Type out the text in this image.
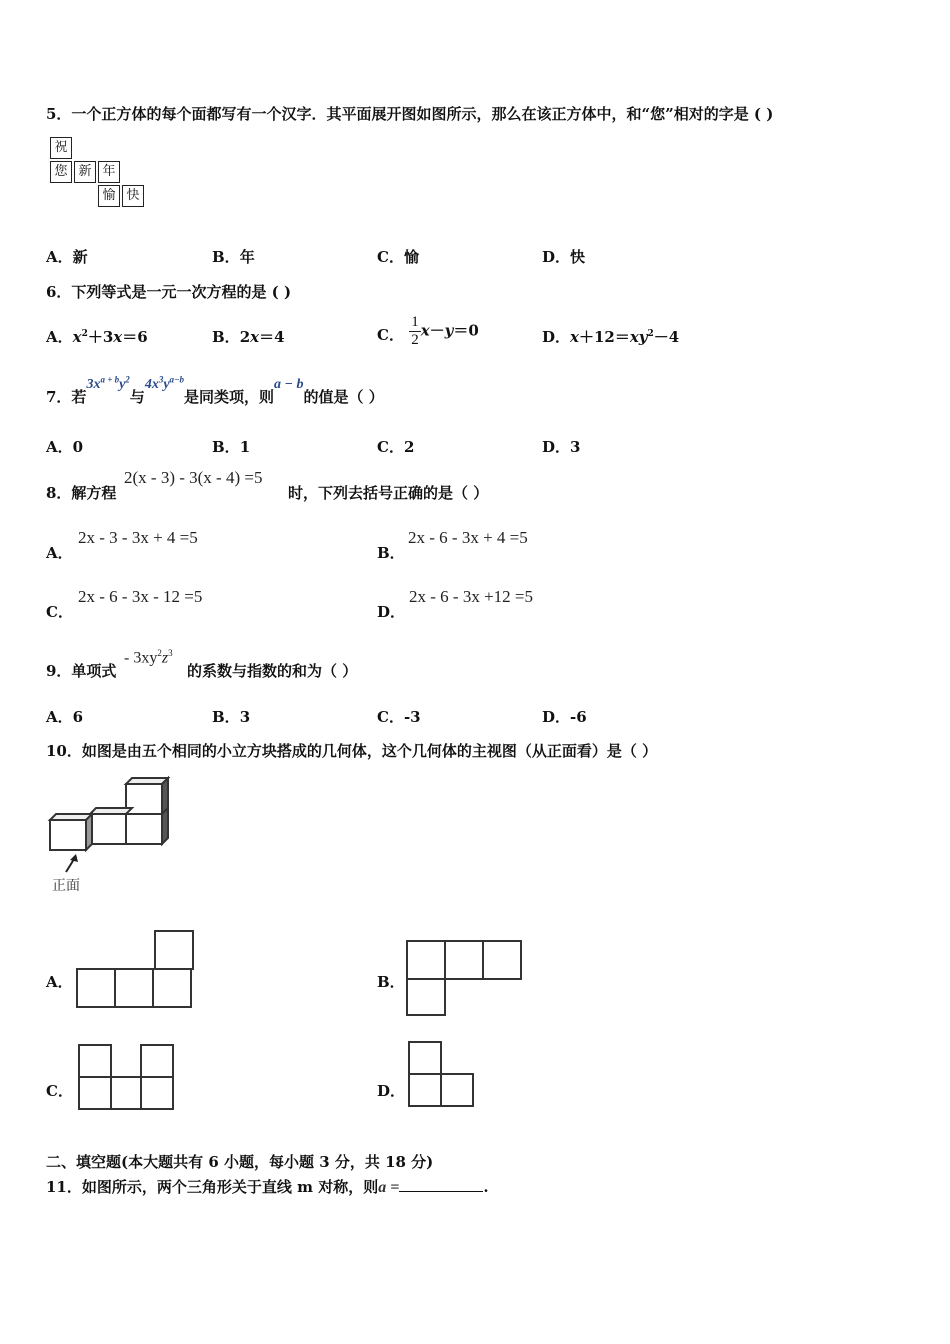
5．一个正方体的每个面都写有一个汉字．其平面展开图如图所示，那么在该正方体中，和“您”相对的字是 ( )
祝
您 新 年
愉 快
A．新	B．年	C．愉	D．快
6．下列等式是一元一次方程的是 ( )
A．$x^2+3x=6$	B．2x＝4	C． $\frac{1}{2} x-y=0$	D．$x+12=xy^2-4$
7．若$3x^{a + b}y^2$与$4x^3y^{a-b}$是同类项，则a − b的值是（ ）
A．0	B．1	C．2	D．3
8．解方程
2(x - 3) - 3(x - 4) =5
时，下列去括号正确的是（ ）
A．
2x - 3 - 3x + 4 =5
B．
2x - 6 - 3x + 4 =5
C．
2x - 6 - 3x - 12 =5
D．
2x - 6 - 3x +12 =5
9．单项式
- $3xy^2z^3$
的系数与指数的和为（ ）
A．6	B．3	C．-3	D．-6
10．如图是由五个相同的小立方块搭成的几何体，这个几何体的主视图（从正面看）是（ ）
正面
A．	B．
C．	D．
二、填空题(本大题共有 6 小题，每小题 3 分，共 18 分)
11．如图所示，两个三角形关于直线 m 对称，则a =	.
